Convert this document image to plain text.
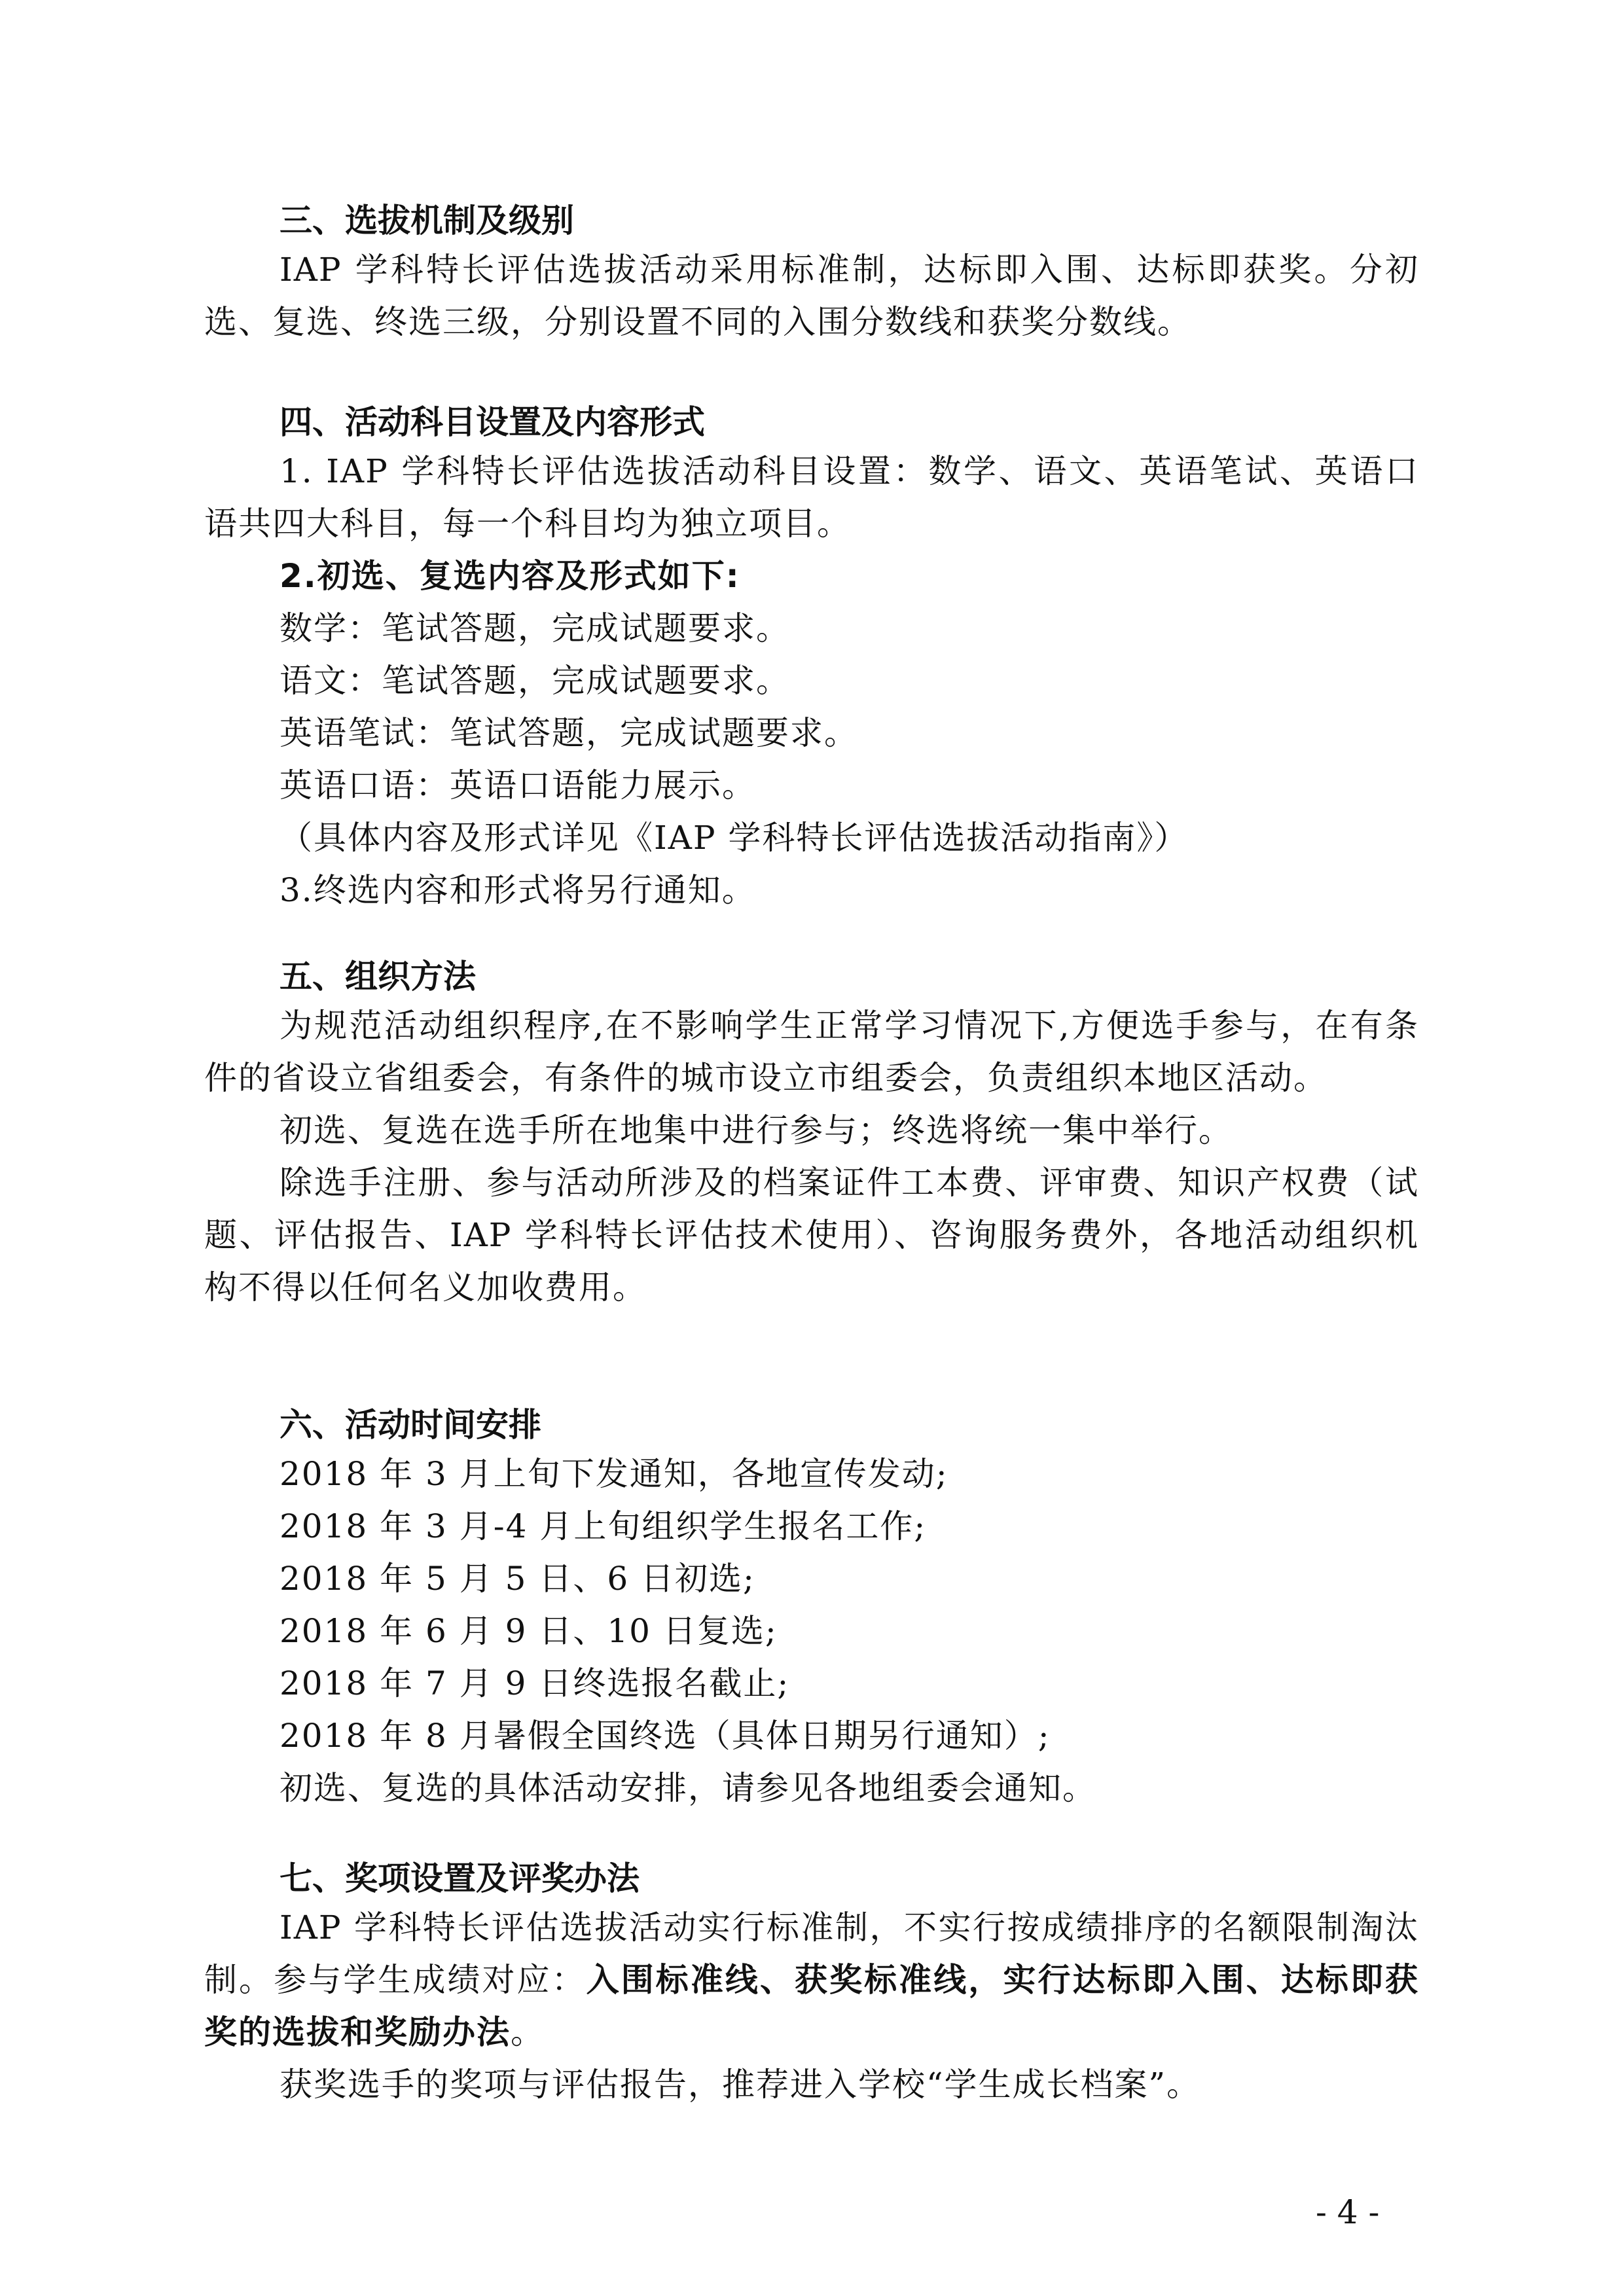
三、选拔机制及级别

IAP 学科特长评估选拔活动采用标准制，达标即入围、达标即获奖。分初选、复选、终选三级，分别设置不同的入围分数线和获奖分数线。

四、活动科目设置及内容形式

1. IAP 学科特长评估选拔活动科目设置：数学、语文、英语笔试、英语口语共四大科目，每一个科目均为独立项目。

2.初选、复选内容及形式如下:
数学：笔试答题，完成试题要求。
语文：笔试答题，完成试题要求。
英语笔试：笔试答题，完成试题要求。
英语口语：英语口语能力展示。
（具体内容及形式详见《IAP 学科特长评估选拔活动指南》）
3.终选内容和形式将另行通知。
五、组织方法

为规范活动组织程序,在不影响学生正常学习情况下,方便选手参与，在有条件的省设立省组委会，有条件的城市设立市组委会，负责组织本地区活动。

初选、复选在选手所在地集中进行参与；终选将统一集中举行。

除选手注册、参与活动所涉及的档案证件工本费、评审费、知识产权费（试题、评估报告、IAP 学科特长评估技术使用）、咨询服务费外，各地活动组织机构不得以任何名义加收费用。

六、活动时间安排
2018 年 3 月上旬下发通知，各地宣传发动;
2018 年 3 月-4 月上旬组织学生报名工作;
2018 年 5 月 5 日、6 日初选;
2018 年 6 月 9 日、10 日复选;
2018 年 7 月 9 日终选报名截止;
2018 年 8 月暑假全国终选（具体日期另行通知）;
初选、复选的具体活动安排，请参见各地组委会通知。
七、奖项设置及评奖办法

IAP 学科特长评估选拔活动实行标准制，不实行按成绩排序的名额限制淘汰制。参与学生成绩对应：入围标准线、获奖标准线，实行达标即入围、达标即获奖的选拔和奖励办法。

获奖选手的奖项与评估报告，推荐进入学校“学生成长档案”。

- 4 -
